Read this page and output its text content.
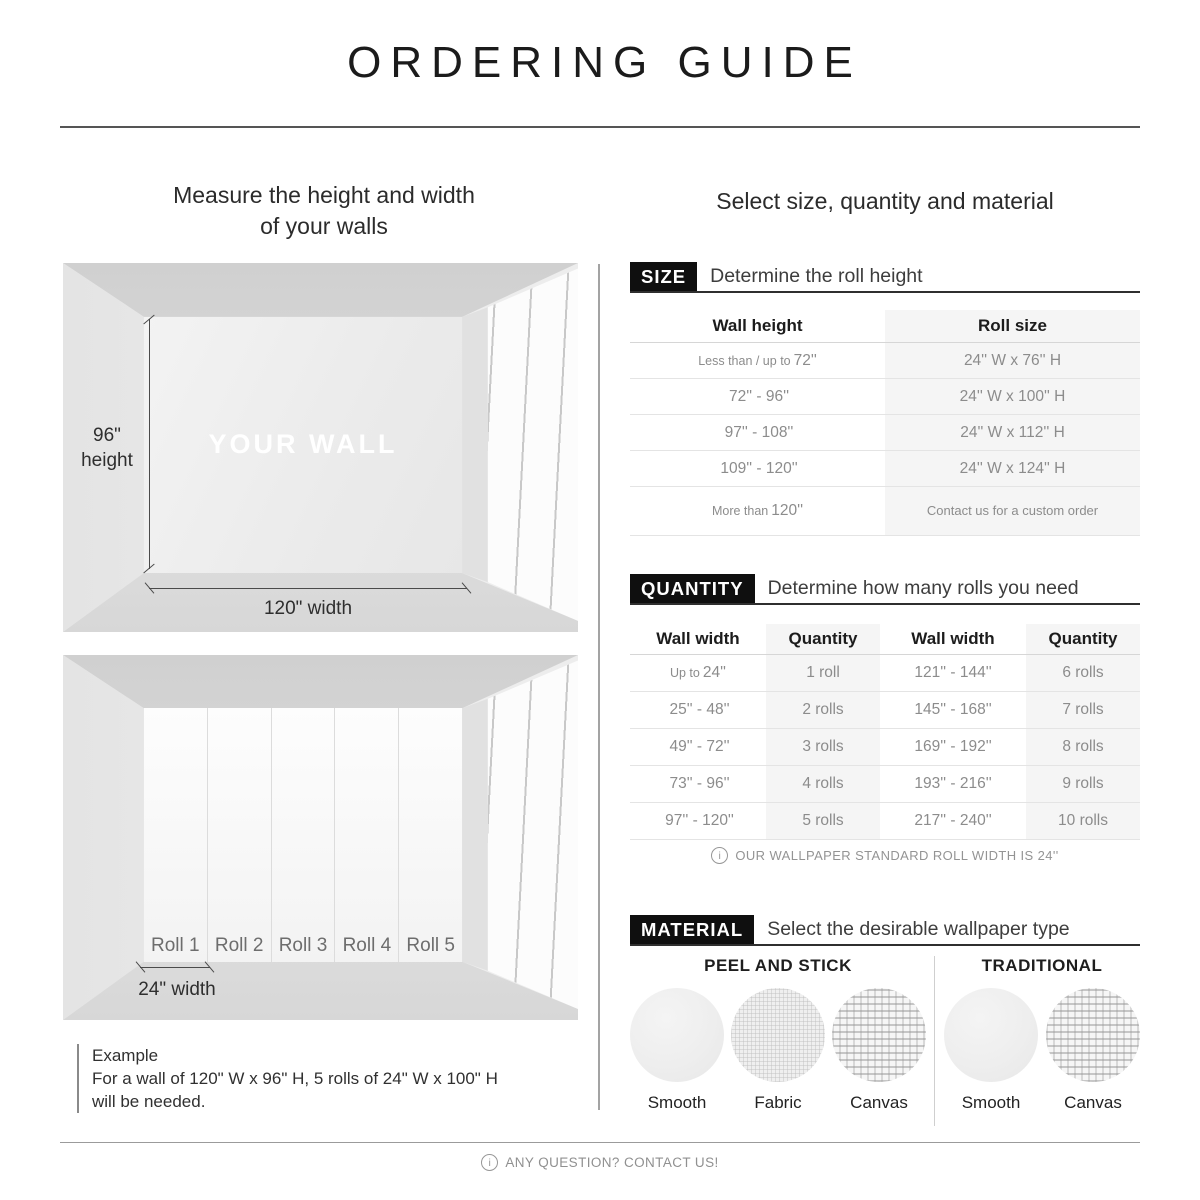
ORDERING GUIDE
Measure the height and width
of your walls
Select size, quantity and material
YOUR WALL
96"
height
120" width
Roll 1 Roll 2 Roll 3 Roll 4 Roll 5
24" width
Example
For a wall of 120" W x 96" H, 5 rolls of 24" W x 100" H
will be needed.
SIZE	Determine the roll height
Wall height	Roll size
Less than / up to 72''	24'' W x 76'' H
72'' - 96''	24'' W x 100'' H
97'' - 108''	24'' W x 112'' H
109'' - 120''	24'' W x 124'' H
More than 120''	Contact us for a custom order
QUANTITY	Determine how many rolls you need
Wall width	Quantity	Wall width	Quantity
Up to 24''	1 roll	121'' - 144''	6 rolls
25'' - 48''	2 rolls	145'' - 168''	7 rolls
49'' - 72''	3 rolls	169'' - 192''	8 rolls
73'' - 96''	4 rolls	193'' - 216''	9 rolls
97'' - 120''	5 rolls	217'' - 240''	10 rolls
i
OUR WALLPAPER STANDARD ROLL WIDTH IS 24''
MATERIAL	Select the desirable wallpaper type
PEEL AND STICK
Smooth	Fabric	Canvas
TRADITIONAL
Smooth	Canvas
i
ANY QUESTION? CONTACT US!
